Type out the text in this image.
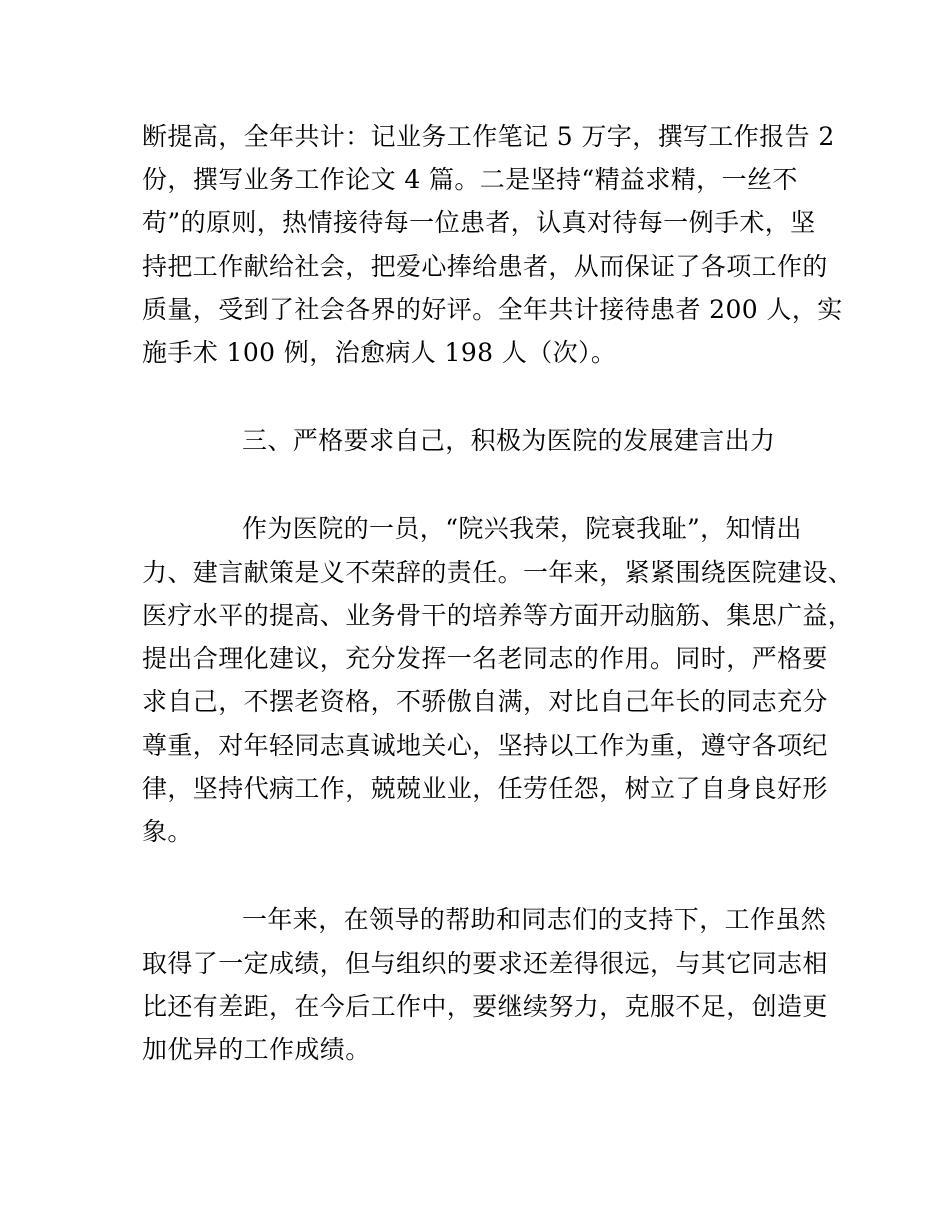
断提高，全年共计：记业务工作笔记 5 万字，撰写工作报告 2
份，撰写业务工作论文 4 篇。二是坚持“精益求精，一丝不
苟”的原则，热情接待每一位患者，认真对待每一例手术，坚
持把工作献给社会，把爱心捧给患者，从而保证了各项工作的
质量，受到了社会各界的好评。全年共计接待患者 200 人，实
施手术 100 例，治愈病人 198 人（次）。
三、严格要求自己，积极为医院的发展建言出力
作为医院的一员，“院兴我荣，院衰我耻”，知情出
力、建言献策是义不荣辞的责任。一年来，紧紧围绕医院建设、
医疗水平的提高、业务骨干的培养等方面开动脑筋、集思广益，
提出合理化建议，充分发挥一名老同志的作用。同时，严格要
求自己，不摆老资格，不骄傲自满，对比自己年长的同志充分
尊重，对年轻同志真诚地关心，坚持以工作为重，遵守各项纪
律，坚持代病工作，兢兢业业，任劳任怨，树立了自身良好形
象。
一年来，在领导的帮助和同志们的支持下，工作虽然
取得了一定成绩，但与组织的要求还差得很远，与其它同志相
比还有差距，在今后工作中，要继续努力，克服不足，创造更
加优异的工作成绩。
